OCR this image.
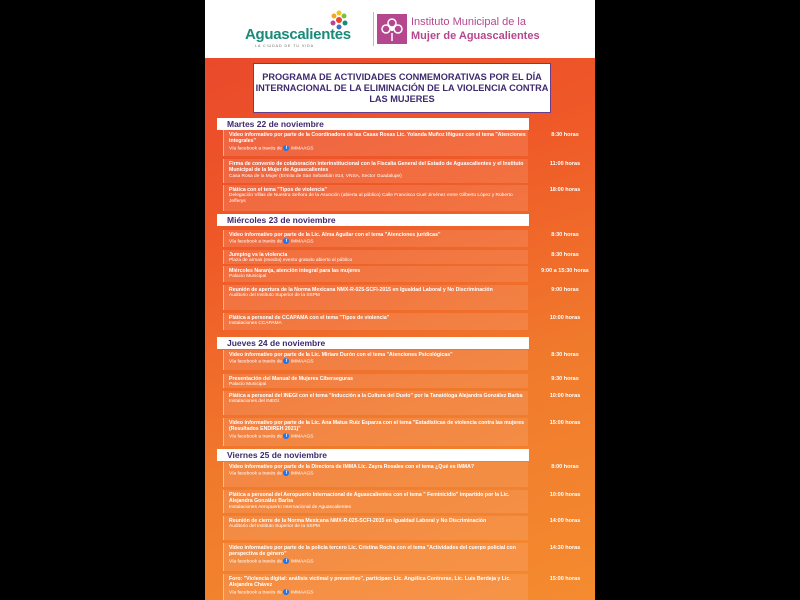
Aguascalientes
LA CIUDAD DE TU VIDA
Instituto Municipal de la
Mujer de Aguascalientes
PROGRAMA DE ACTIVIDADES CONMEMORATIVAS POR EL DÍA INTERNACIONAL DE LA ELIMINACIÓN DE LA VIOLENCIA CONTRA LAS MUJERES
Martes 22 de noviembre
Video informativo por parte de la Coordinadora de las Casas Rosas Lic. Yolanda Muñoz Iñiguez con el tema "Atenciones integrales"
Vía facebook a través de f IMMAAGS
8:30 horas
Firma de convenio de colaboración interinstitucional con la Fiscalía General del Estado de Aguascalientes y el Instituto Municipal de la Mujer de Aguascalientes
Casa Rosa de la Mujer (Ermita de San Sebastián 814, VNSA, Sector Guadalupe)
11:00 horas
Plática con el tema "Tipos de violencia"
Delegación Villas de Nuestra Señora de la Asunción (abierta al público) Calle Francisco Guel Jiménez entre Gilberto López y Roberto Jefferys
18:00 horas
Miércoles 23 de noviembre
Video informativo por parte de la Lic. Alma Aguilar con el tema "Atenciones jurídicas"
Vía facebook a través de f IMMAAGS
8:30 horas
Jumping vs la violencia
Plaza de armas (exedra) evento gratuito abierto al público
8:30 horas
Miércoles Naranja, atención integral para las mujeres
Palacio Municipal
9:00 a 15:30 horas
Reunión de apertura de la Norma Mexicana NMX-R-025-SCFI-2015 en Igualdad Laboral y No Discriminación
Auditorio del Instituto Superior de la SSPM
9:00 horas
Plática a personal de CCAPAMA con el tema "Tipos de violencia"
Instalaciones CCAPAMA
10:00 horas
Jueves 24 de noviembre
Video informativo por parte de la Lic. Miriam Durón con el tema "Atenciones Psicológicas"
Vía facebook a través de f IMMAAGS
8:30 horas
Presentación del Manual de Mujeres Ciberseguras
Palacio Municipal
9:30 horas
Plática a personal del INEGI con el tema "Inducción a la Cultura del Duelo" por la Tanatóloga Alejandra González Barba
Instalaciones del INEGI
10:00 horas
Video informativo por parte de la Lic. Ana Matus Ruiz Esparza con el tema "Estadísticas de violencia contra las mujeres (Resultados ENDIREH 2021)"
Vía facebook a través de f IMMAAGS
15:00 horas
Viernes 25 de noviembre
Video informativo por parte de la Directora de IMMA Lic. Zayra Rosales con el tema ¿Qué es IMMA?
Vía facebook a través de f IMMAAGS
8:00 horas
Plática a personal del Aeropuerto Internacional de Aguascalientes con el tema " Feminicidio" impartido por la Lic. Alejandra González Barba
Instalaciones Aeropuerto Internacional de Aguascalientes
10:00 horas
Reunión de cierre de la Norma Mexicana NMX-R-025-SCFI-2015 en Igualdad Laboral y No Discriminación
Auditorio del Instituto Superior de la SSPM
14:00 horas
Video informativo por parte de la policía tercero Lic. Cristina Rocha con el tema "Actividades del cuerpo policial con perspectiva de género"
Vía facebook a través de f IMMAAGS
14:30 horas
Foro: "Violencia digital: análisis victimal y preventivo", participan: Lic. Angélica Contreras, Lic. Luis Berdeja y Lic. Alejandra Chávez
Vía facebook a través de f IMMAAGS
15:00 horas
